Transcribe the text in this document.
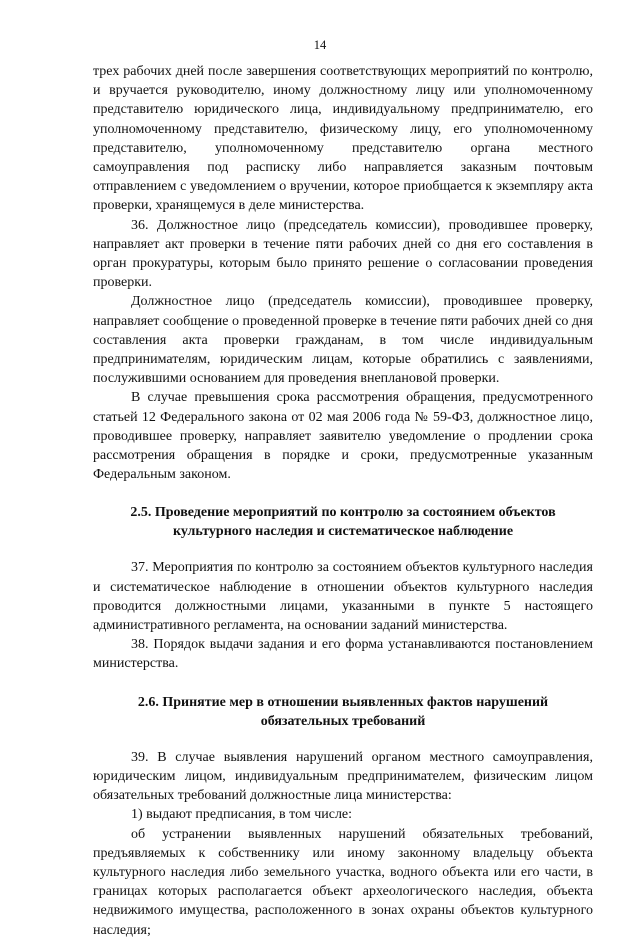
14

трех рабочих дней после завершения соответствующих мероприятий по контролю, и вручается руководителю, иному должностному лицу или уполномоченному представителю юридического лица, индивидуальному предпринимателю, его уполномоченному представителю, физическому лицу, его уполномоченному представителю, уполномоченному представителю органа местного самоуправления под расписку либо направляется заказным почтовым отправлением с уведомлением о вручении, которое приобщается к экземпляру акта проверки, хранящемуся в деле министерства.

36. Должностное лицо (председатель комиссии), проводившее проверку, направляет акт проверки в течение пяти рабочих дней со дня его составления в орган прокуратуры, которым было принято решение о согласовании проведения проверки.

Должностное лицо (председатель комиссии), проводившее проверку, направляет сообщение о проведенной проверке в течение пяти рабочих дней со дня составления акта проверки гражданам, в том числе индивидуальным предпринимателям, юридическим лицам, которые обратились с заявлениями, послужившими основанием для проведения внеплановой проверки.

В случае превышения срока рассмотрения обращения, предусмотренного статьей 12 Федерального закона от 02 мая 2006 года № 59-ФЗ, должностное лицо, проводившее проверку, направляет заявителю уведомление о продлении срока рассмотрения обращения в порядке и сроки, предусмотренные указанным Федеральным законом.

2.5. Проведение мероприятий по контролю за состоянием объектов культурного наследия и систематическое наблюдение

37. Мероприятия по контролю за состоянием объектов культурного наследия и систематическое наблюдение в отношении объектов культурного наследия проводится должностными лицами, указанными в пункте 5 настоящего административного регламента, на основании заданий министерства.

38. Порядок выдачи задания и его форма устанавливаются постановлением министерства.

2.6. Принятие мер в отношении выявленных фактов нарушений обязательных требований

39. В случае выявления нарушений органом местного самоуправления, юридическим лицом, индивидуальным предпринимателем, физическим лицом обязательных требований должностные лица министерства:

1) выдают предписания, в том числе:

об устранении выявленных нарушений обязательных требований, предъявляемых к собственнику или иному законному владельцу объекта культурного наследия либо земельного участка, водного объекта или его части, в границах которых располагается объект археологического наследия, объекта недвижимого имущества, расположенного в зонах охраны объектов культурного наследия;
